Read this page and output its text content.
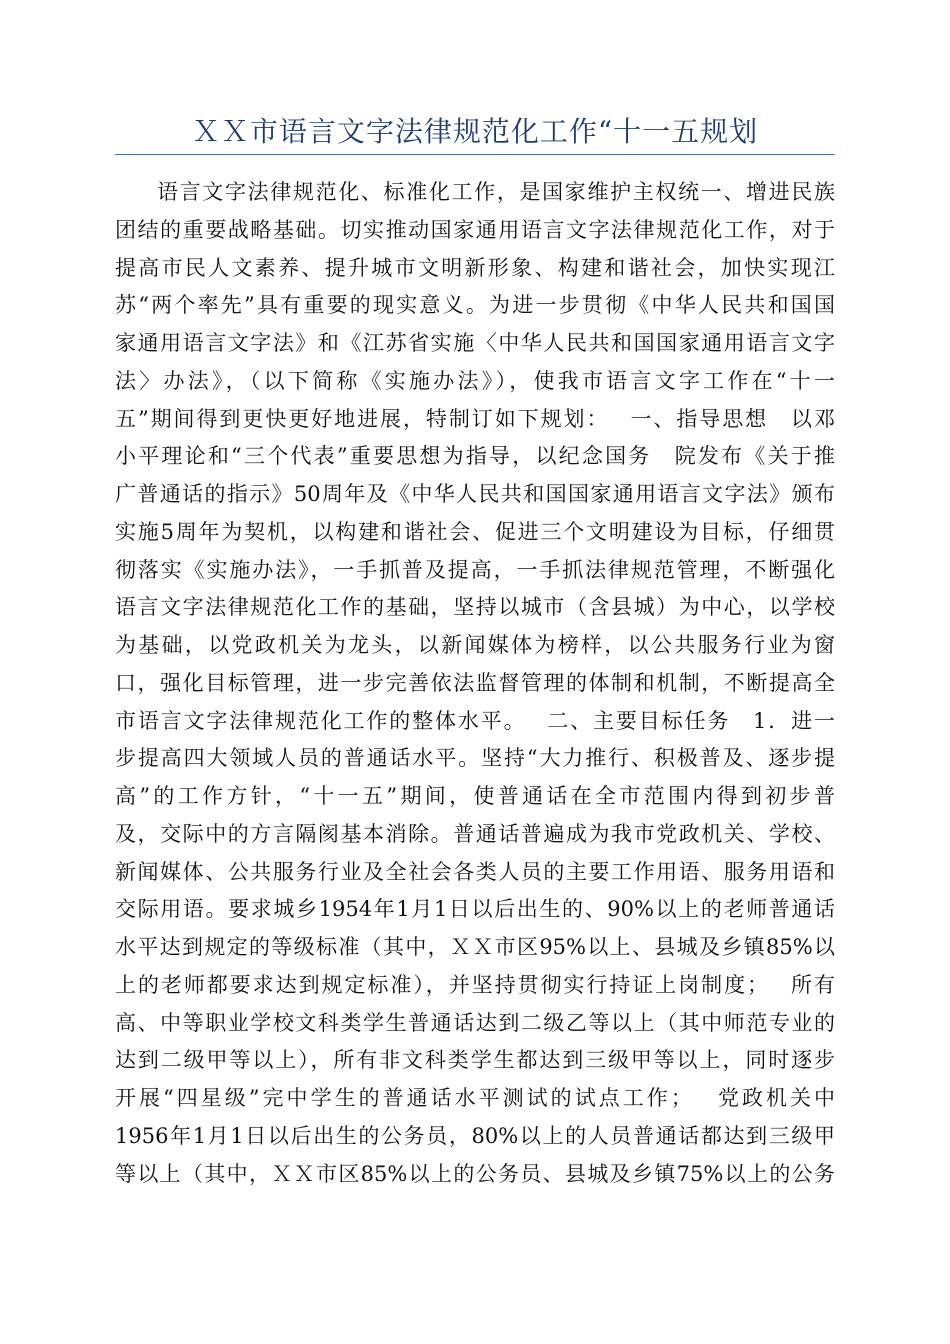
ＸＸ市语言文字法律规范化工作“十一五规划
语言文字法律规范化、标准化工作，是国家维护主权统一、增进民族
团结的重要战略基础。切实推动国家通用语言文字法律规范化工作，对于
提高市民人文素养、提升城市文明新形象、构建和谐社会，加快实现江
苏“两个率先”具有重要的现实意义。为进一步贯彻《中华人民共和国国
家通用语言文字法》和《江苏省实施〈中华人民共和国国家通用语言文字
法〉办法》，（以下简称《实施办法》），使我市语言文字工作在“十一
五”期间得到更快更好地进展，特制订如下规划：　 一、指导思想　以邓
小平理论和“三个代表”重要思想为指导，以纪念国务　院发布《关于推
广普通话的指示》50周年及《中华人民共和国国家通用语言文字法》颁布
实施5周年为契机，以构建和谐社会、促进三个文明建设为目标，仔细贯
彻落实《实施办法》，一手抓普及提高，一手抓法律规范管理，不断强化
语言文字法律规范化工作的基础，坚持以城市（含县城）为中心，以学校
为基础，以党政机关为龙头，以新闻媒体为榜样，以公共服务行业为窗
口，强化目标管理，进一步完善依法监督管理的体制和机制，不断提高全
市语言文字法律规范化工作的整体水平。　 二、主要目标任务　1．进一
步提高四大领域人员的普通话水平。坚持“大力推行、积极普及、逐步提
高”的工作方针，“十一五”期间，使普通话在全市范围内得到初步普
及，交际中的方言隔阂基本消除。普通话普遍成为我市党政机关、学校、
新闻媒体、公共服务行业及全社会各类人员的主要工作用语、服务用语和
交际用语。要求城乡1954年1月1日以后出生的、90%以上的老师普通话
水平达到规定的等级标准（其中，ＸＸ市区95%以上、县城及乡镇85%以
上的老师都要求达到规定标准），并坚持贯彻实行持证上岗制度；　 所有
高、中等职业学校文科类学生普通话达到二级乙等以上（其中师范专业的
达到二级甲等以上），所有非文科类学生都达到三级甲等以上，同时逐步
开展“四星级”完中学生的普通话水平测试的试点工作；　 党政机关中
1956年1月1日以后出生的公务员，80%以上的人员普通话都达到三级甲
等以上（其中，ＸＸ市区85%以上的公务员、县城及乡镇75%以上的公务
